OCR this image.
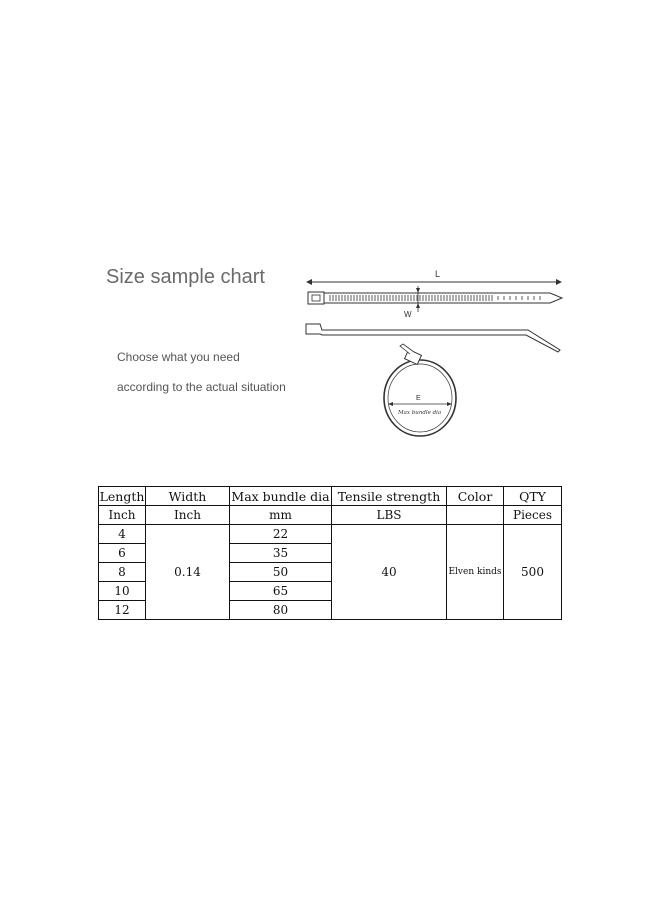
Size sample chart
Choose what you need
according to the actual situation
L
W
E
Max bundle dia
Length	Width	Max bundle dia	Tensile strength	Color	QTY
Inch	Inch	mm	LBS		Pieces
4	0.14	22	40	Elven kinds	500
6		35			
8		50			
10		65			
12		80			
